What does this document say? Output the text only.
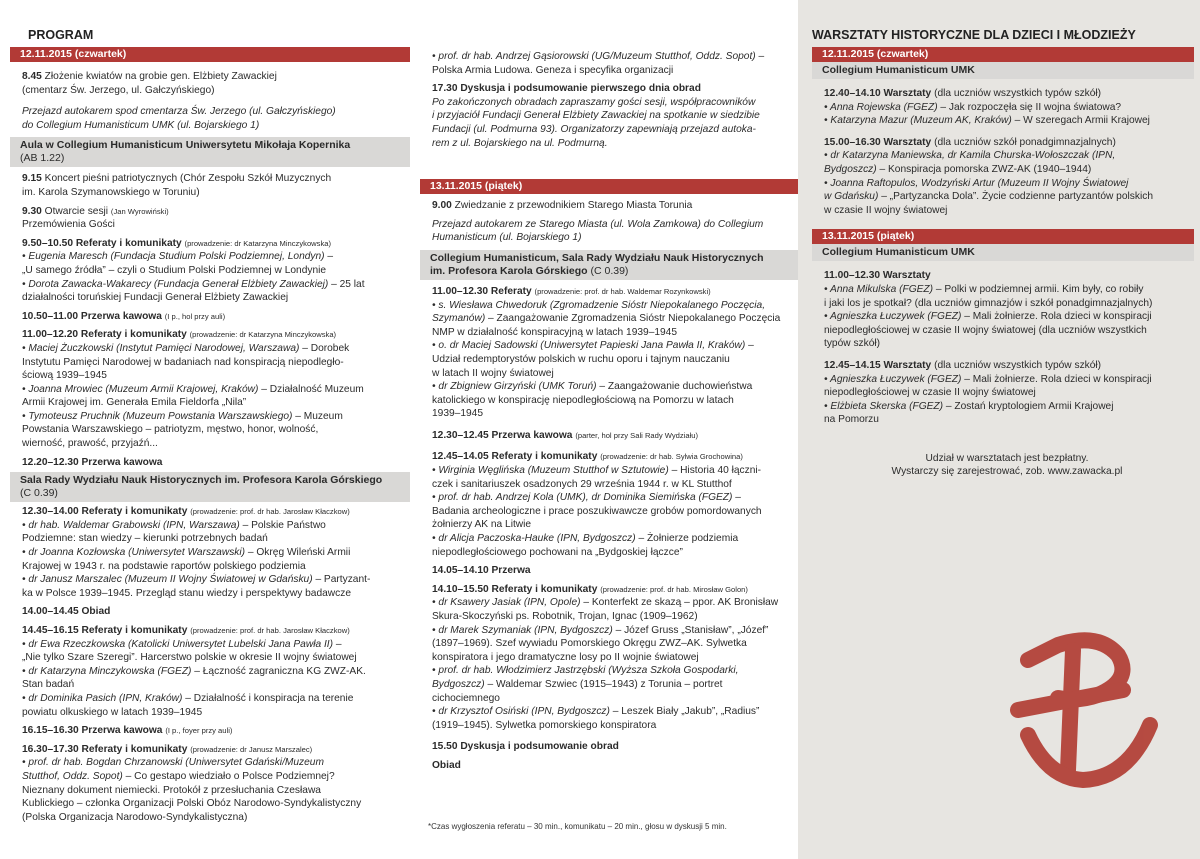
PROGRAM
12.11.2015 (czwartek)

8.45 Złożenie kwiatów na grobie gen. Elżbiety Zawackiej

(cmentarz Św. Jerzego, ul. Gałczyńskiego)

Przejazd autokarem spod cmentarza Św. Jerzego (ul. Gałczyńskiego)

do Collegium Humanisticum UMK (ul. Bojarskiego 1)

Aula w Collegium Humanisticum Uniwersytetu Mikołaja Kopernika
(AB 1.22)

9.15 Koncert pieśni patriotycznych (Chór Zespołu Szkół Muzycznych

im. Karola Szymanowskiego w Toruniu)

9.30 Otwarcie sesji (Jan Wyrowiński)

Przemówienia Gości

9.50–10.50 Referaty i komunikaty (prowadzenie: dr Katarzyna Minczykowska)

• Eugenia Maresch (Fundacja Studium Polski Podziemnej, Londyn) –

„U samego źródła” – czyli o Studium Polski Podziemnej w Londynie

• Dorota Zawacka-Wakarecy (Fundacja Generał Elżbiety Zawackiej) – 25 lat

działalności toruńskiej Fundacji Generał Elżbiety Zawackiej

10.50–11.00 Przerwa kawowa (I p., hol przy auli)

11.00–12.20 Referaty i komunikaty (prowadzenie: dr Katarzyna Minczykowska)

• Maciej Żuczkowski (Instytut Pamięci Narodowej, Warszawa) – Dorobek

Instytutu Pamięci Narodowej w badaniach nad konspiracją niepodległo-

ściową 1939–1945

• Joanna Mrowiec (Muzeum Armii Krajowej, Kraków) – Działalność Muzeum

Armii Krajowej im. Generała Emila Fieldorfa „Nila”

• Tymoteusz Pruchnik (Muzeum Powstania Warszawskiego) – Muzeum

Powstania Warszawskiego – patriotyzm, męstwo, honor, wolność,

wierność, prawość, przyjaźń...

12.20–12.30 Przerwa kawowa

Sala Rady Wydziału Nauk Historycznych im. Profesora Karola Górskiego
(C 0.39)

12.30–14.00 Referaty i komunikaty (prowadzenie: prof. dr hab. Jarosław Kłaczkow)

• dr hab. Waldemar Grabowski (IPN, Warszawa) – Polskie Państwo

Podziemne: stan wiedzy – kierunki potrzebnych badań

• dr Joanna Kozłowska (Uniwersytet Warszawski) – Okręg Wileński Armii

Krajowej w 1943 r. na podstawie raportów polskiego podziemia

• dr Janusz Marszalec (Muzeum II Wojny Światowej w Gdańsku) – Partyzant-

ka w Polsce 1939–1945. Przegląd stanu wiedzy i perspektywy badawcze

14.00–14.45 Obiad

14.45–16.15 Referaty i komunikaty (prowadzenie: prof. dr hab. Jarosław Kłaczkow)

• dr Ewa Rzeczkowska (Katolicki Uniwersytet Lubelski Jana Pawła II) –

„Nie tylko Szare Szeregi”. Harcerstwo polskie w okresie II wojny światowej

• dr Katarzyna Minczykowska (FGEZ) – Łączność zagraniczna KG ZWZ-AK.

Stan badań

• dr Dominika Pasich (IPN, Kraków) – Działalność i konspiracja na terenie

powiatu olkuskiego w latach 1939–1945

16.15–16.30 Przerwa kawowa (I p., foyer przy auli)

16.30–17.30 Referaty i komunikaty (prowadzenie: dr Janusz Marszalec)

• prof. dr hab. Bogdan Chrzanowski (Uniwersytet Gdański/Muzeum

Stutthof, Oddz. Sopot) – Co gestapo wiedziało o Polsce Podziemnej?

Nieznany dokument niemiecki. Protokół z przesłuchania Czesława

Kublickiego – członka Organizacji Polski Obóz Narodowo-Syndykalistyczny

(Polska Organizacja Narodowo-Syndykalistyczna)

• prof. dr hab. Andrzej Gąsiorowski (UG/Muzeum Stutthof, Oddz. Sopot) –

Polska Armia Ludowa. Geneza i specyfika organizacji

17.30 Dyskusja i podsumowanie pierwszego dnia obrad

Po zakończonych obradach zapraszamy gości sesji, współpracowników

i przyjaciół Fundacji Generał Elżbiety Zawackiej na spotkanie w siedzibie

Fundacji (ul. Podmurna 93). Organizatorzy zapewniają przejazd autoka-

rem z ul. Bojarskiego na ul. Podmurną.

13.11.2015 (piątek)

9.00 Zwiedzanie z przewodnikiem Starego Miasta Torunia

Przejazd autokarem ze Starego Miasta (ul. Wola Zamkowa) do Collegium

Humanisticum (ul. Bojarskiego 1)

Collegium Humanisticum, Sala Rady Wydziału Nauk Historycznych
im. Profesora Karola Górskiego (C 0.39)

11.00–12.30 Referaty (prowadzenie: prof. dr hab. Waldemar Rozynkowski)

• s. Wiesława Chwedoruk (Zgromadzenie Sióstr Niepokalanego Poczęcia,

Szymanów) – Zaangażowanie Zgromadzenia Sióstr Niepokalanego Poczęcia

NMP w działalność konspiracyjną w latach 1939–1945

• o. dr Maciej Sadowski (Uniwersytet Papieski Jana Pawła II, Kraków) –

Udział redemptorystów polskich w ruchu oporu i tajnym nauczaniu

w latach II wojny światowej

• dr Zbigniew Girzyński (UMK Toruń) – Zaangażowanie duchowieństwa

katolickiego w konspirację niepodległościową na Pomorzu w latach

1939–1945

12.30–12.45 Przerwa kawowa (parter, hol przy Sali Rady Wydziału)

12.45–14.05 Referaty i komunikaty (prowadzenie: dr hab. Sylwia Grochowina)

• Wirginia Węglińska (Muzeum Stutthof w Sztutowie) – Historia 40 łączni-

czek i sanitariuszek osadzonych 29 września 1944 r. w KL Stutthof

• prof. dr hab. Andrzej Kola (UMK), dr Dominika Siemińska (FGEZ) –

Badania archeologiczne i prace poszukiwawcze grobów pomordowanych

żołnierzy AK na Litwie

• dr Alicja Paczoska-Hauke (IPN, Bydgoszcz) – Żołnierze podziemia

niepodległościowego pochowani na „Bydgoskiej łączce”

14.05–14.10 Przerwa

14.10–15.50 Referaty i komunikaty (prowadzenie: prof. dr hab. Mirosław Golon)

• dr Ksawery Jasiak (IPN, Opole) – Konterfekt ze skazą – ppor. AK Bronisław

Skura-Skoczyński ps. Robotnik, Trojan, Ignac (1909–1962)

• dr Marek Szymaniak (IPN, Bydgoszcz) – Józef Gruss „Stanisław”, „Józef”

(1897–1969). Szef wywiadu Pomorskiego Okręgu ZWZ–AK. Sylwetka

konspiratora i jego dramatyczne losy po II wojnie światowej

• prof. dr hab. Włodzimierz Jastrzębski (Wyższa Szkoła Gospodarki,

Bydgoszcz) – Waldemar Szwiec (1915–1943) z Torunia – portret

cichociemnego

• dr Krzysztof Osiński (IPN, Bydgoszcz) – Leszek Biały „Jakub”, „Radius”

(1919–1945). Sylwetka pomorskiego konspiratora

15.50 Dyskusja i podsumowanie obrad

Obiad

*Czas wygłoszenia referatu – 30 min., komunikatu – 20 min., głosu w dyskusji 5 min.
WARSZTATY HISTORYCZNE DLA DZIECI I MŁODZIEŻY
12.11.2015 (czwartek)
Collegium Humanisticum UMK

12.40–14.10 Warsztaty (dla uczniów wszystkich typów szkół)

• Anna Rojewska (FGEZ) – Jak rozpoczęła się II wojna światowa?

• Katarzyna Mazur (Muzeum AK, Kraków) – W szeregach Armii Krajowej

15.00–16.30 Warsztaty (dla uczniów szkół ponadgimnazjalnych)

• dr Katarzyna Maniewska, dr Kamila Churska-Wołoszczak (IPN,

Bydgoszcz) – Konspiracja pomorska ZWZ-AK (1940–1944)

• Joanna Raftopulos, Wodzyński Artur (Muzeum II Wojny Światowej

w Gdańsku) – „Partyzancka Dola”. Życie codzienne partyzantów polskich

w czasie II wojny światowej

13.11.2015 (piątek)
Collegium Humanisticum UMK

11.00–12.30 Warsztaty

• Anna Mikulska (FGEZ) – Polki w podziemnej armii. Kim były, co robiły

i jaki los je spotkał? (dla uczniów gimnazjów i szkół ponadgimnazjalnych)

• Agnieszka Łuczywek (FGEZ) – Mali żołnierze. Rola dzieci w konspiracji

niepodległościowej w czasie II wojny światowej (dla uczniów wszystkich

typów szkół)

12.45–14.15 Warsztaty (dla uczniów wszystkich typów szkół)

• Agnieszka Łuczywek (FGEZ) – Mali żołnierze. Rola dzieci w konspiracji

niepodległościowej w czasie II wojny światowej

• Elżbieta Skerska (FGEZ) – Zostań kryptologiem Armii Krajowej

na Pomorzu

Udział w warsztatach jest bezpłatny.

Wystarczy się zarejestrować, zob. www.zawacka.pl
